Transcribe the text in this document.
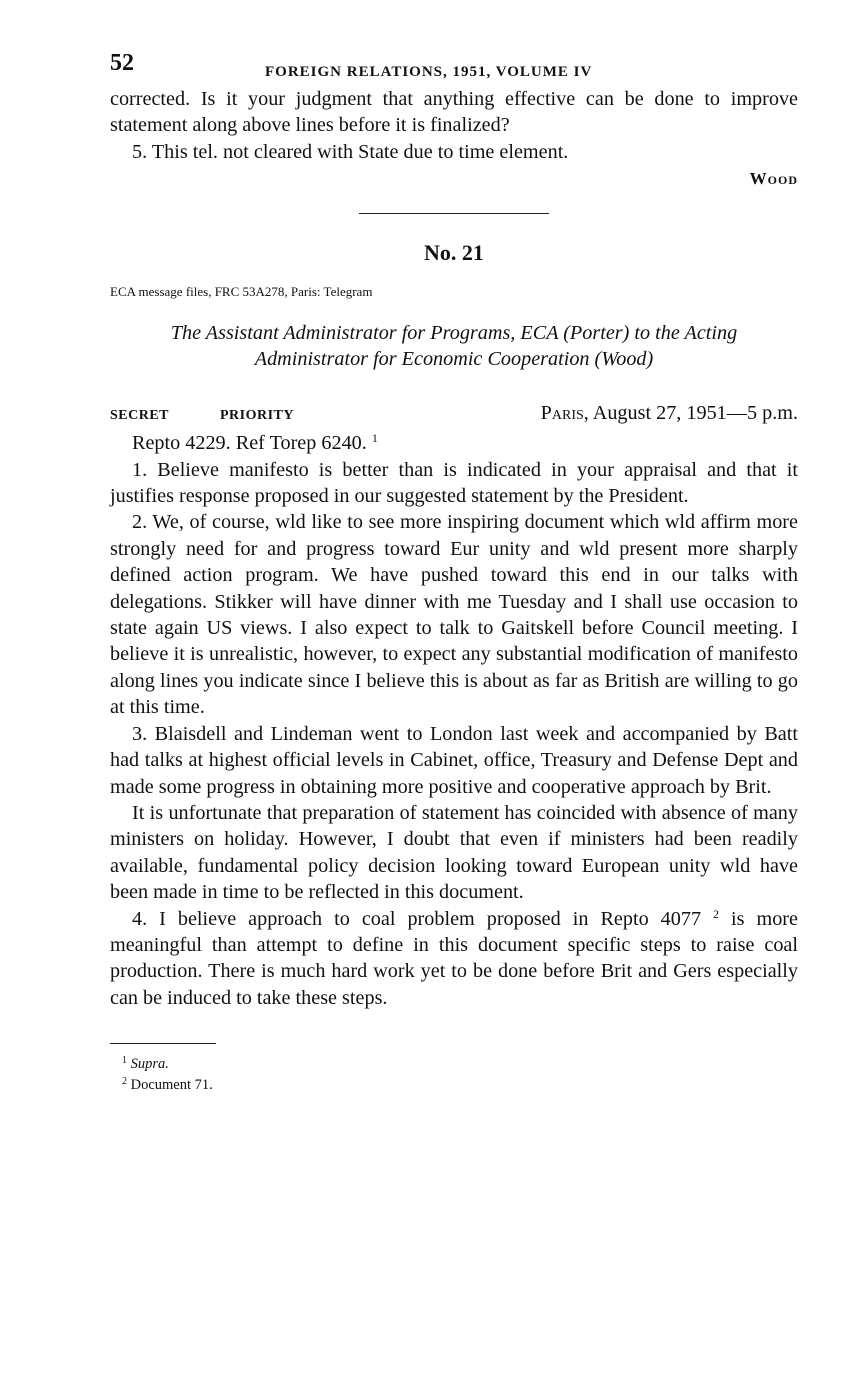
52	FOREIGN RELATIONS, 1951, VOLUME IV

corrected. Is it your judgment that anything effective can be done to improve statement along above lines before it is finalized?

5. This tel. not cleared with State due to time element.

Wood
No. 21
ECA message files, FRC 53A278, Paris: Telegram
The Assistant Administrator for Programs, ECA (Porter) to the Acting Administrator for Economic Cooperation (Wood)
SECRET	PRIORITY	Paris, August 27, 1951—5 p.m.

Repto 4229. Ref Torep 6240. $^1$

1. Believe manifesto is better than is indicated in your appraisal and that it justifies response proposed in our suggested statement by the President.

2. We, of course, wld like to see more inspiring document which wld affirm more strongly need for and progress toward Eur unity and wld present more sharply defined action program. We have pushed toward this end in our talks with delegations. Stikker will have dinner with me Tuesday and I shall use occasion to state again US views. I also expect to talk to Gaitskell before Council meeting. I believe it is unrealistic, however, to expect any substantial modification of manifesto along lines you indicate since I believe this is about as far as British are willing to go at this time.

3. Blaisdell and Lindeman went to London last week and accompanied by Batt had talks at highest official levels in Cabinet, office, Treasury and Defense Dept and made some progress in obtaining more positive and cooperative approach by Brit.

It is unfortunate that preparation of statement has coincided with absence of many ministers on holiday. However, I doubt that even if ministers had been readily available, fundamental policy decision looking toward European unity wld have been made in time to be reflected in this document.

4. I believe approach to coal problem proposed in Repto 4077 $^2$ is more meaningful than attempt to define in this document specific steps to raise coal production. There is much hard work yet to be done before Brit and Gers especially can be induced to take these steps.

$^1$ Supra.
$^2$ Document 71.
